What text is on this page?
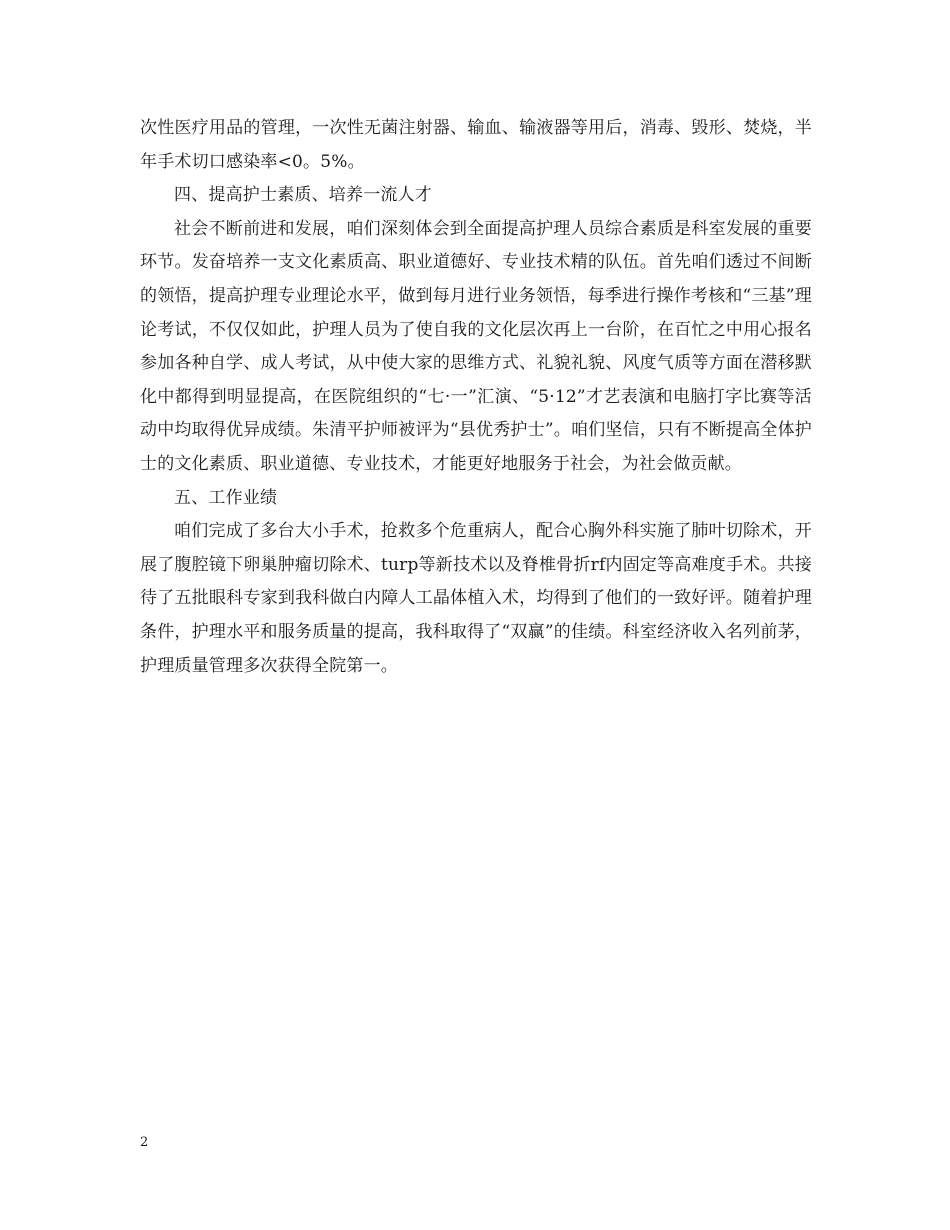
次性医疗用品的管理，一次性无菌注射器、输血、输液器等用后，消毒、毁形、焚烧，半年手术切口感染率<0。5%。

四、提高护士素质、培养一流人才

社会不断前进和发展，咱们深刻体会到全面提高护理人员综合素质是科室发展的重要环节。发奋培养一支文化素质高、职业道德好、专业技术精的队伍。首先咱们透过不间断的领悟，提高护理专业理论水平，做到每月进行业务领悟，每季进行操作考核和“三基”理论考试，不仅仅如此，护理人员为了使自我的文化层次再上一台阶，在百忙之中用心报名参加各种自学、成人考试，从中使大家的思维方式、礼貌礼貌、风度气质等方面在潜移默化中都得到明显提高，在医院组织的“七·一”汇演、“5·12”才艺表演和电脑打字比赛等活动中均取得优异成绩。朱清平护师被评为“县优秀护士”。咱们坚信，只有不断提高全体护士的文化素质、职业道德、专业技术，才能更好地服务于社会，为社会做贡献。

五、工作业绩

咱们完成了多台大小手术，抢救多个危重病人，配合心胸外科实施了肺叶切除术，开展了腹腔镜下卵巢肿瘤切除术、turp等新技术以及脊椎骨折rf内固定等高难度手术。共接待了五批眼科专家到我科做白内障人工晶体植入术，均得到了他们的一致好评。随着护理条件，护理水平和服务质量的提高，我科取得了“双赢”的佳绩。科室经济收入名列前茅，护理质量管理多次获得全院第一。

2
